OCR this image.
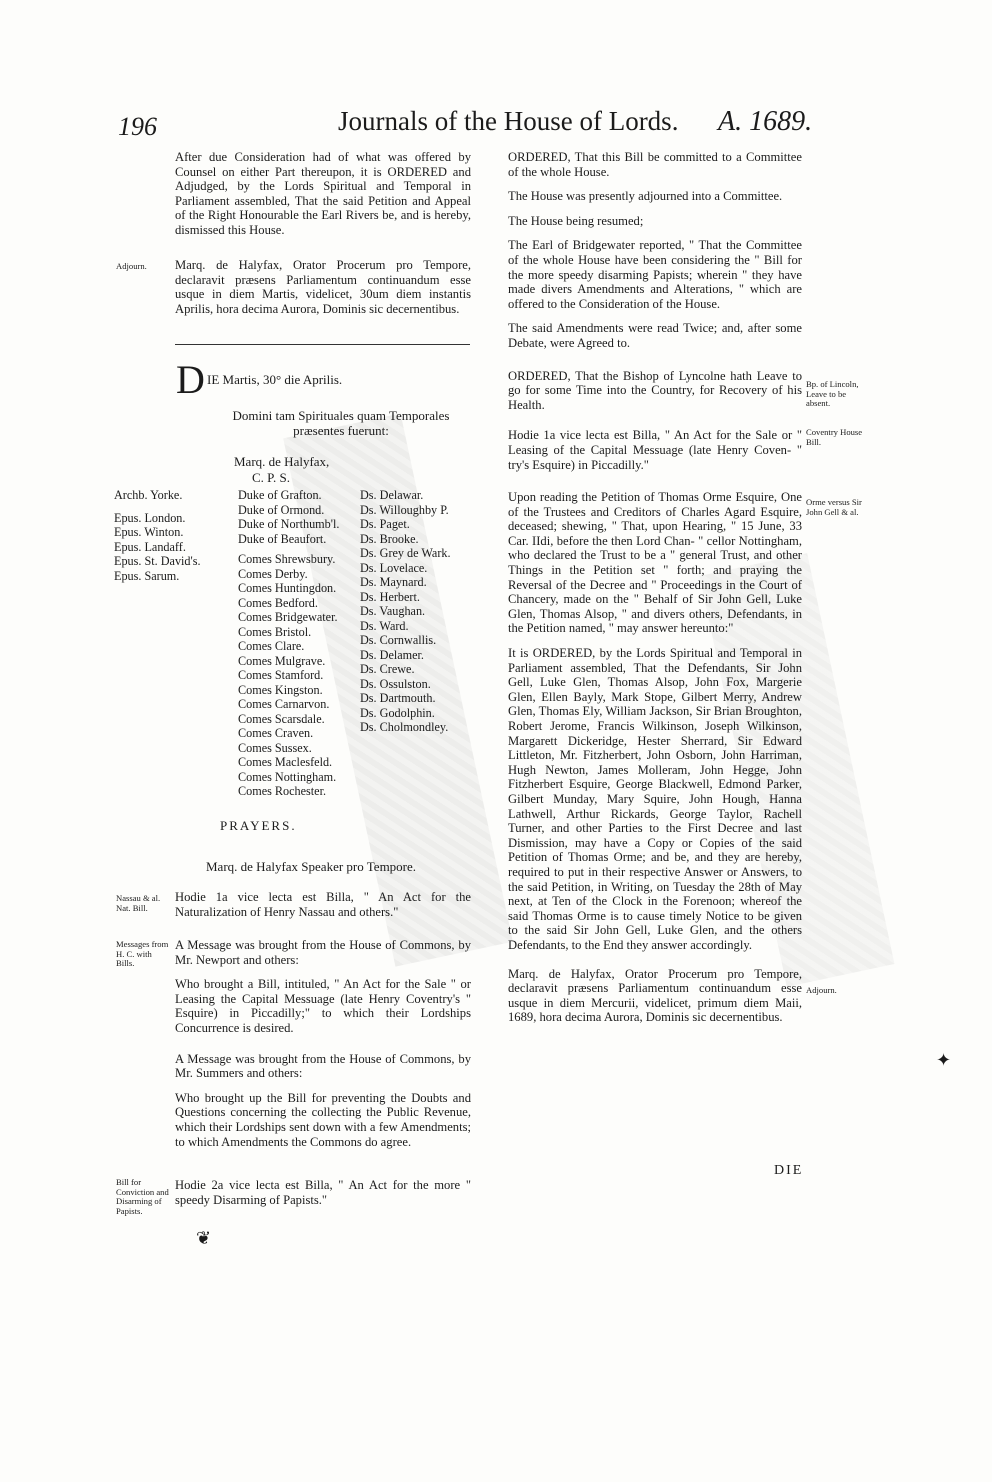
196	Journals of the House of Lords. A. 1689.

After due Consideration had of what was offered by Counsel on either Part thereupon, it is ORDERED and Adjudged, by the Lords Spiritual and Temporal in Parliament assembled, That the said Petition and Appeal of the Right Honourable the Earl Rivers be, and is hereby, dismissed this House.

Adjourn.	Marq. de Halyfax, Orator Procerum pro Tempore, declaravit præsens Parliamentum continuandum esse usque in diem Martis, videlicet, 30um diem instantis Aprilis, hora decima Aurora, Dominis sic decernentibus.

D IE Martis, 30° die Aprilis.
Domini tam Spirituales quam Temporales præsentes fuerunt:
Marq. de Halyfax,
C. P. S.
Archb. Yorke.
Epus. London.
Epus. Winton.
Epus. Landaff.
Epus. St. David's.
Epus. Sarum.
Duke of Grafton.
Duke of Ormond.
Duke of Northumb'l.
Duke of Beaufort.
Comes Shrewsbury.
Comes Derby.
Comes Huntingdon.
Comes Bedford.
Comes Bridgewater.
Comes Bristol.
Comes Clare.
Comes Mulgrave.
Comes Stamford.
Comes Kingston.
Comes Carnarvon.
Comes Scarsdale.
Comes Craven.
Comes Sussex.
Comes Maclesfeld.
Comes Nottingham.
Comes Rochester.
Ds. Delawar.
Ds. Willoughby P.
Ds. Paget.
Ds. Brooke.
Ds. Grey de Wark.
Ds. Lovelace.
Ds. Maynard.
Ds. Herbert.
Ds. Vaughan.
Ds. Ward.
Ds. Cornwallis.
Ds. Delamer.
Ds. Crewe.
Ds. Ossulston.
Ds. Dartmouth.
Ds. Godolphin.
Ds. Cholmondley.
PRAYERS.
Marq. de Halyfax Speaker pro Tempore.
Nassau & al. Nat. Bill.

Hodie 1a vice lecta est Billa, " An Act for the Naturalization of Henry Nassau and others."

Messages from H. C. with Bills.

A Message was brought from the House of Commons, by Mr. Newport and others:

Who brought a Bill, intituled, " An Act for the Sale " or Leasing the Capital Messuage (late Henry Coventry's " Esquire) in Piccadilly;" to which their Lordships Concurrence is desired.

A Message was brought from the House of Commons, by Mr. Summers and others:

Who brought up the Bill for preventing the Doubts and Questions concerning the collecting the Public Revenue, which their Lordships sent down with a few Amendments; to which Amendments the Commons do agree.

Bill for Conviction and Disarming of Papists.

Hodie 2a vice lecta est Billa, " An Act for the more " speedy Disarming of Papists."

❦

ORDERED, That this Bill be committed to a Committee of the whole House.

The House was presently adjourned into a Committee.

The House being resumed;

The Earl of Bridgewater reported, " That the Committee of the whole House have been considering the " Bill for the more speedy disarming Papists; wherein " they have made divers Amendments and Alterations, " which are offered to the Consideration of the House.

The said Amendments were read Twice; and, after some Debate, were Agreed to.

ORDERED, That the Bishop of Lyncolne hath Leave to go for some Time into the Country, for Recovery of his Health.

Hodie 1a vice lecta est Billa, " An Act for the Sale or " Leasing of the Capital Messuage (late Henry Coven- " try's Esquire) in Piccadilly."

Upon reading the Petition of Thomas Orme Esquire, One of the Trustees and Creditors of Charles Agard Esquire, deceased; shewing, " That, upon Hearing, " 15 June, 33 Car. IIdi, before the then Lord Chan- " cellor Nottingham, who declared the Trust to be a " general Trust, and other Things in the Petition set " forth; and praying the Reversal of the Decree and " Proceedings in the Court of Chancery, made on the " Behalf of Sir John Gell, Luke Glen, Thomas Alsop, " and divers others, Defendants, in the Petition named, " may answer hereunto:"

It is ORDERED, by the Lords Spiritual and Temporal in Parliament assembled, That the Defendants, Sir John Gell, Luke Glen, Thomas Alsop, John Fox, Margerie Glen, Ellen Bayly, Mark Stope, Gilbert Merry, Andrew Glen, Thomas Ely, William Jackson, Sir Brian Broughton, Robert Jerome, Francis Wilkinson, Joseph Wilkinson, Margarett Dickeridge, Hester Sherrard, Sir Edward Littleton, Mr. Fitzherbert, John Osborn, John Harriman, Hugh Newton, James Molleram, John Hegge, John Fitzherbert Esquire, George Blackwell, Edmond Parker, Gilbert Munday, Mary Squire, John Hough, Hanna Lathwell, Arthur Rickards, George Taylor, Rachell Turner, and other Parties to the First Decree and last Dismission, may have a Copy or Copies of the said Petition of Thomas Orme; and be, and they are hereby, required to put in their respective Answer or Answers, to the said Petition, in Writing, on Tuesday the 28th of May next, at Ten of the Clock in the Forenoon; whereof the said Thomas Orme is to cause timely Notice to be given to the said Sir John Gell, Luke Glen, and the others Defendants, to the End they answer accordingly.

Marq. de Halyfax, Orator Procerum pro Tempore, declaravit præsens Parliamentum continuandum esse usque in diem Mercurii, videlicet, primum diem Maii, 1689, hora decima Aurora, Dominis sic decernentibus.

Bp. of Lincoln, Leave to be absent.
Coventry House Bill.
Orme versus Sir John Gell & al.
Adjourn.
✦
DIE
